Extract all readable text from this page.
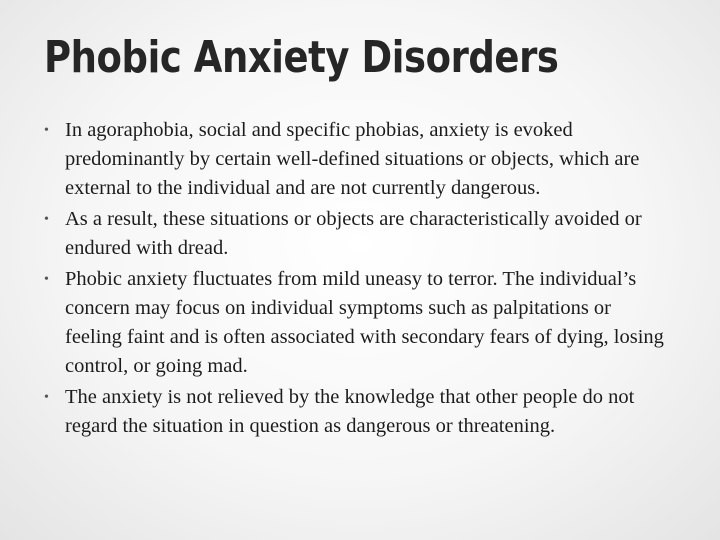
Phobic Anxiety Disorders
• In agoraphobia, social and specific phobias, anxiety is evoked predominantly by certain well-defined situations or objects, which are external to the individual and are not currently dangerous.
• As a result, these situations or objects are characteristically avoided or endured with dread.
• Phobic anxiety fluctuates from mild uneasy to terror. The individual’s concern may focus on individual symptoms such as palpitations or feeling faint and is often associated with secondary fears of dying, losing control, or going mad.
• The anxiety is not relieved by the knowledge that other people do not regard the situation in question as dangerous or threatening.
